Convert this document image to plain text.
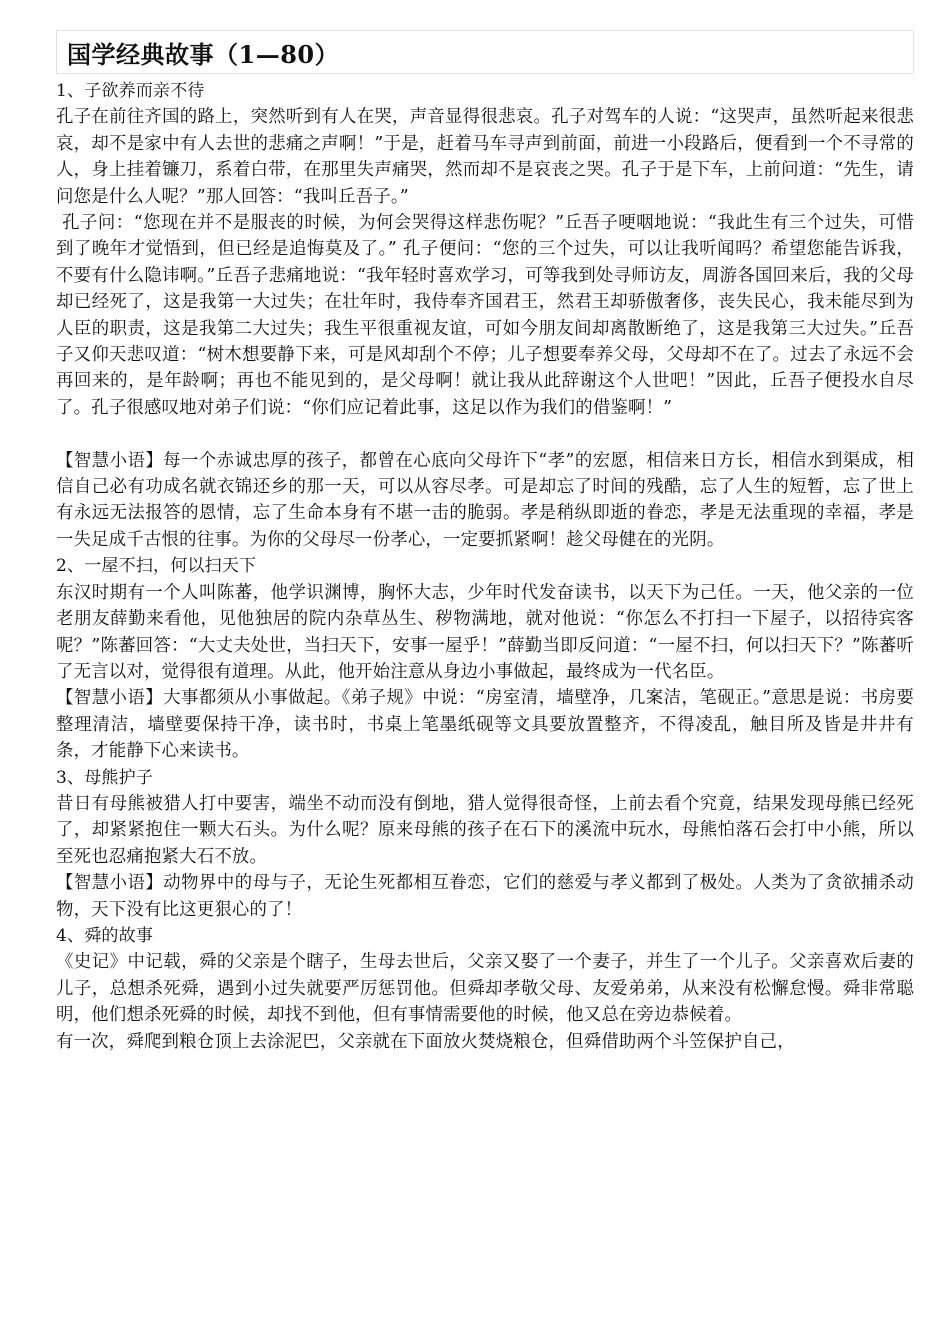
国学经典故事（1—80）

1、子欲养而亲不待

孔子在前往齐国的路上，突然听到有人在哭，声音显得很悲哀。孔子对驾车的人说：“这哭声，虽然听起来很悲哀，却不是家中有人去世的悲痛之声啊！”于是，赶着马车寻声到前面，前进一小段路后，便看到一个不寻常的人，身上挂着镰刀，系着白带，在那里失声痛哭，然而却不是哀丧之哭。孔子于是下车，上前问道：“先生，请问您是什么人呢？”那人回答：“我叫丘吾子。”

孔子问：“您现在并不是服丧的时候，为何会哭得这样悲伤呢？”丘吾子哽咽地说：“我此生有三个过失，可惜到了晚年才觉悟到，但已经是追悔莫及了。” 孔子便问：“您的三个过失，可以让我听闻吗？希望您能告诉我，不要有什么隐讳啊。”丘吾子悲痛地说：“我年轻时喜欢学习，可等我到处寻师访友，周游各国回来后，我的父母却已经死了，这是我第一大过失；在壮年时，我侍奉齐国君王，然君王却骄傲奢侈，丧失民心，我未能尽到为人臣的职责，这是我第二大过失；我生平很重视友谊，可如今朋友间却离散断绝了，这是我第三大过失。”丘吾子又仰天悲叹道：“树木想要静下来，可是风却刮个不停；儿子想要奉养父母，父母却不在了。过去了永远不会再回来的，是年龄啊；再也不能见到的，是父母啊！就让我从此辞谢这个人世吧！”因此，丘吾子便投水自尽了。孔子很感叹地对弟子们说：“你们应记着此事，这足以作为我们的借鉴啊！”

【智慧小语】每一个赤诚忠厚的孩子，都曾在心底向父母许下“孝”的宏愿，相信来日方长，相信水到渠成，相信自己必有功成名就衣锦还乡的那一天，可以从容尽孝。可是却忘了时间的残酷，忘了人生的短暂，忘了世上有永远无法报答的恩情，忘了生命本身有不堪一击的脆弱。孝是稍纵即逝的眷恋，孝是无法重现的幸福，孝是一失足成千古恨的往事。为你的父母尽一份孝心，一定要抓紧啊！趁父母健在的光阴。

2、一屋不扫，何以扫天下

东汉时期有一个人叫陈蕃，他学识渊博，胸怀大志，少年时代发奋读书，以天下为己任。一天，他父亲的一位老朋友薛勤来看他，见他独居的院内杂草丛生、秽物满地，就对他说：“你怎么不打扫一下屋子，以招待宾客呢？”陈蕃回答：“大丈夫处世，当扫天下，安事一屋乎！”薛勤当即反问道：“一屋不扫，何以扫天下？”陈蕃听了无言以对，觉得很有道理。从此，他开始注意从身边小事做起，最终成为一代名臣。

【智慧小语】大事都须从小事做起。《弟子规》中说：“房室清，墙壁净，几案洁，笔砚正。”意思是说：书房要整理清洁，墙壁要保持干净，读书时，书桌上笔墨纸砚等文具要放置整齐，不得凌乱，触目所及皆是井井有条，才能静下心来读书。

3、母熊护子

昔日有母熊被猎人打中要害，端坐不动而没有倒地，猎人觉得很奇怪，上前去看个究竟，结果发现母熊已经死了，却紧紧抱住一颗大石头。为什么呢？原来母熊的孩子在石下的溪流中玩水，母熊怕落石会打中小熊，所以至死也忍痛抱紧大石不放。

【智慧小语】动物界中的母与子，无论生死都相互眷恋，它们的慈爱与孝义都到了极处。人类为了贪欲捕杀动物，天下没有比这更狠心的了！

4、舜的故事

《史记》中记载，舜的父亲是个瞎子，生母去世后，父亲又娶了一个妻子，并生了一个儿子。父亲喜欢后妻的儿子，总想杀死舜，遇到小过失就要严厉惩罚他。但舜却孝敬父母、友爱弟弟，从来没有松懈怠慢。舜非常聪明，他们想杀死舜的时候，却找不到他，但有事情需要他的时候，他又总在旁边恭候着。

有一次，舜爬到粮仓顶上去涂泥巴，父亲就在下面放火焚烧粮仓，但舜借助两个斗笠保护自己，
